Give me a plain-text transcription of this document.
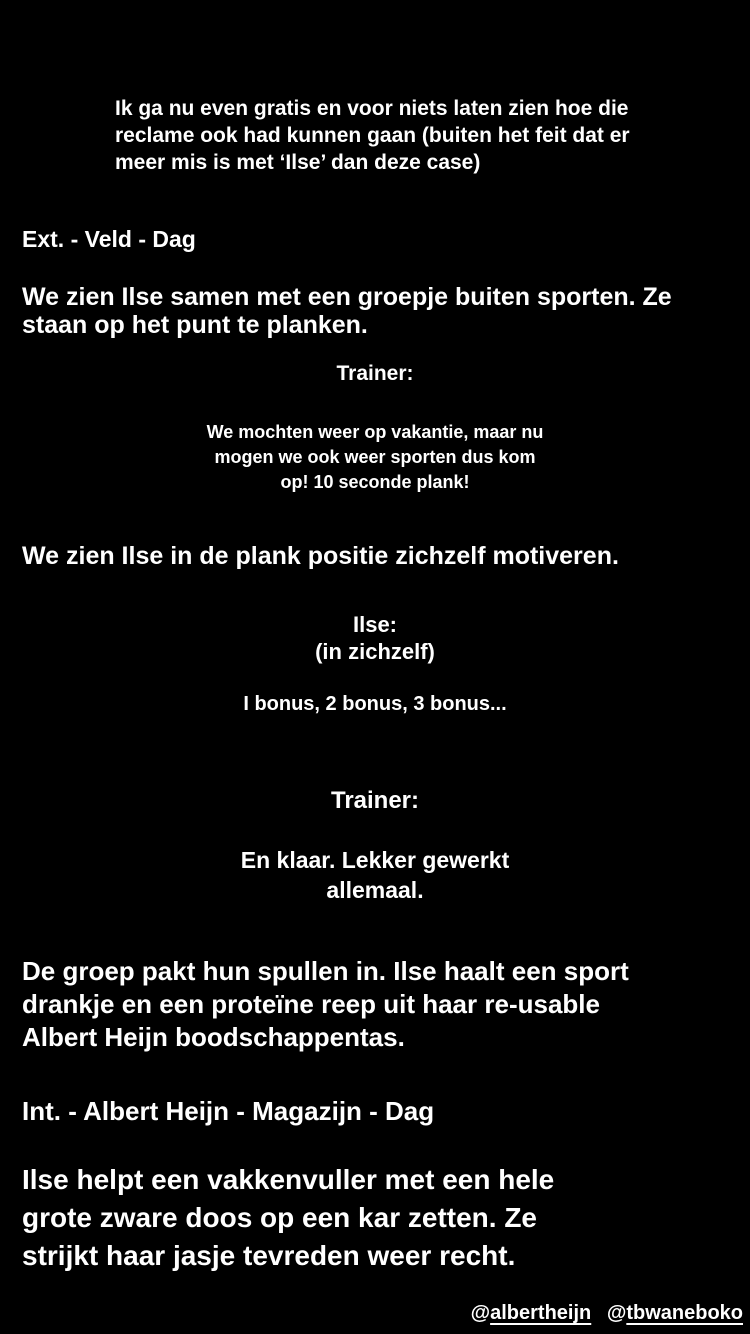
Ik ga nu even gratis en voor niets laten zien hoe die
reclame ook had kunnen gaan (buiten het feit dat er
meer mis is met ‘Ilse’ dan deze case)
Ext. - Veld - Dag
We zien Ilse samen met een groepje buiten sporten. Ze
staan op het punt te planken.
Trainer:
We mochten weer op vakantie, maar nu
mogen we ook weer sporten dus kom
op! 10 seconde plank!
We zien Ilse in de plank positie zichzelf motiveren.
Ilse:
(in zichzelf)
I bonus, 2 bonus, 3 bonus...
Trainer:
En klaar. Lekker gewerkt
allemaal.
De groep pakt hun spullen in. Ilse haalt een sport
drankje en een proteïne reep uit haar re-usable
Albert Heijn boodschappentas.
Int. - Albert Heijn - Magazijn - Dag
Ilse helpt een vakkenvuller met een hele
grote zware doos op een kar zetten. Ze
strijkt haar jasje tevreden weer recht.
@albertheijn @tbwaneboko
